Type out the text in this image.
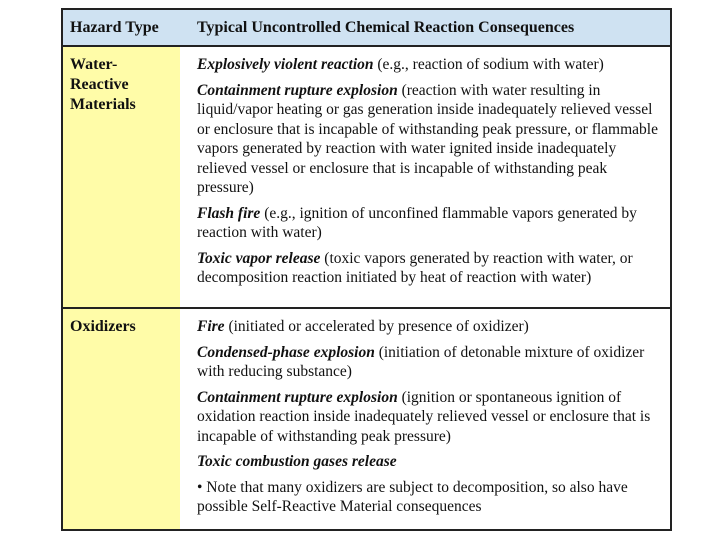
Hazard Type	Typical Uncontrolled Chemical Reaction Consequences
Water-Reactive Materials
Explosively violent reaction (e.g., reaction of sodium with water)
Containment rupture explosion (reaction with water resulting in liquid/vapor heating or gas generation inside inadequately relieved vessel or enclosure that is incapable of withstanding peak pressure, or flammable vapors generated by reaction with water ignited inside inadequately relieved vessel or enclosure that is incapable of withstanding peak pressure)
Flash fire (e.g., ignition of unconfined flammable vapors generated by reaction with water)
Toxic vapor release (toxic vapors generated by reaction with water, or decomposition reaction initiated by heat of reaction with water)
Oxidizers	Fire (initiated or accelerated by presence of oxidizer)
Condensed-phase explosion (initiation of detonable mixture of oxidizer with reducing substance)
Containment rupture explosion (ignition or spontaneous ignition of oxidation reaction inside inadequately relieved vessel or enclosure that is incapable of withstanding peak pressure)
Toxic combustion gases release
• Note that many oxidizers are subject to decomposition, so also have possible Self-Reactive Material consequences
